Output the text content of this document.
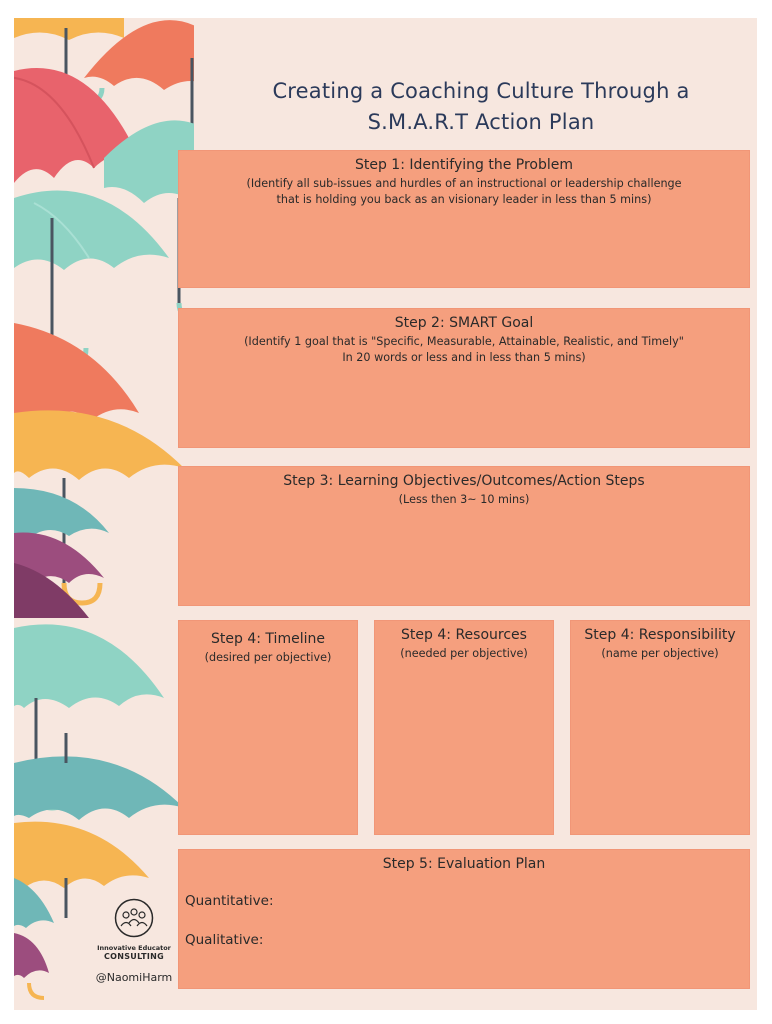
Creating a Coaching Culture Through a
S.M.A.R.T Action Plan
Step 1: Identifying the Problem
(Identify all sub-issues and hurdles of an instructional or leadership challenge
that is holding you back as an visionary leader in less than 5 mins)
Step 2: SMART Goal
(Identify 1 goal that is "Specific, Measurable, Attainable, Realistic, and Timely"
In 20 words or less and in less than 5 mins)
Step 3: Learning Objectives/Outcomes/Action Steps
(Less then 3~ 10 mins)
Step 4: Timeline
(desired per objective)
Step 4: Resources
(needed per objective)
Step 4: Responsibility
(name per objective)
Step 5: Evaluation Plan
Quantitative:
Qualitative:
Innovative Educator
CONSULTING
@NaomiHarm
